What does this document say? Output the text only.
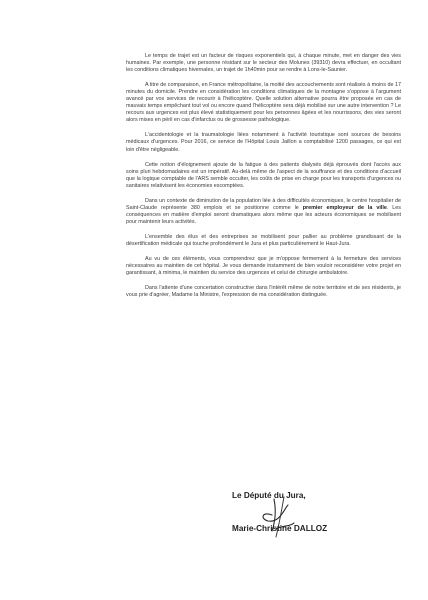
Le temps de trajet est un facteur de risques exponentiels qui, à chaque minute, met en danger des vies humaines. Par exemple, une personne résidant sur le secteur des Molunes (39310) devra effectuer, en occultant les conditions climatiques hivernales, un trajet de 1h40min pour se rendre à Lons-le-Saunier.

A titre de comparaison, en France métropolitaine, la moitié des accouchements sont réalisés à moins de 17 minutes du domicile. Prendre en considération les conditions climatiques de la montagne s'oppose à l'argument avancé par vos services de recourir à l'hélicoptère. Quelle solution alternative pourra être proposée en cas de mauvais temps empêchant tout vol ou encore quand l'hélicoptère sera déjà mobilisé sur une autre intervention ? Le recours aux urgences est plus élevé statistiquement pour les personnes âgées et les nourrissons, des vies seront alors mises en péril en cas d'infarctus ou de grossesse pathologique.

L'accidentologie et la traumatologie liées notamment à l'activité touristique sont sources de besoins médicaux d'urgences. Pour 2016, ce service de l'Hôpital Louis Jaillon a comptabilisé 1200 passages, ce qui est loin d'être négligeable.

Cette notion d'éloignement ajoute de la fatigue à des patients dialysés déjà éprouvés dont l'accès aux soins pluri hebdomadaires est un impératif. Au-delà même de l'aspect de la souffrance et des conditions d'accueil que la logique comptable de l'ARS semble occulter, les coûts de prise en charge pour les transports d'urgences ou sanitaires relativisent les économies escomptées.

Dans un contexte de diminution de la population liée à des difficultés économiques, le centre hospitalier de Saint-Claude représente 380 emplois et se positionne comme le premier employeur de la ville. Les conséquences en matière d'emploi seront dramatiques alors même que les acteurs économiques se mobilisent pour maintenir leurs activités.

L'ensemble des élus et des entreprises se mobilisent pour pallier au problème grandissant de la désertification médicale qui touche profondément le Jura et plus particulièrement le Haut-Jura.

Au vu de ces éléments, vous comprendrez que je m'oppose fermement à la fermeture des services nécessaires au maintien de cet hôpital. Je vous demande instamment de bien vouloir reconsidérer votre projet en garantissant, à minima, le maintien du service des urgences et celui de chirurgie ambulatoire.

Dans l'attente d'une concertation constructive dans l'intérêt même de notre territoire et de ses résidents, je vous prie d'agréer, Madame la Ministre, l'expression de ma considération distinguée.

Le Député du Jura,

Marie-Christine DALLOZ
